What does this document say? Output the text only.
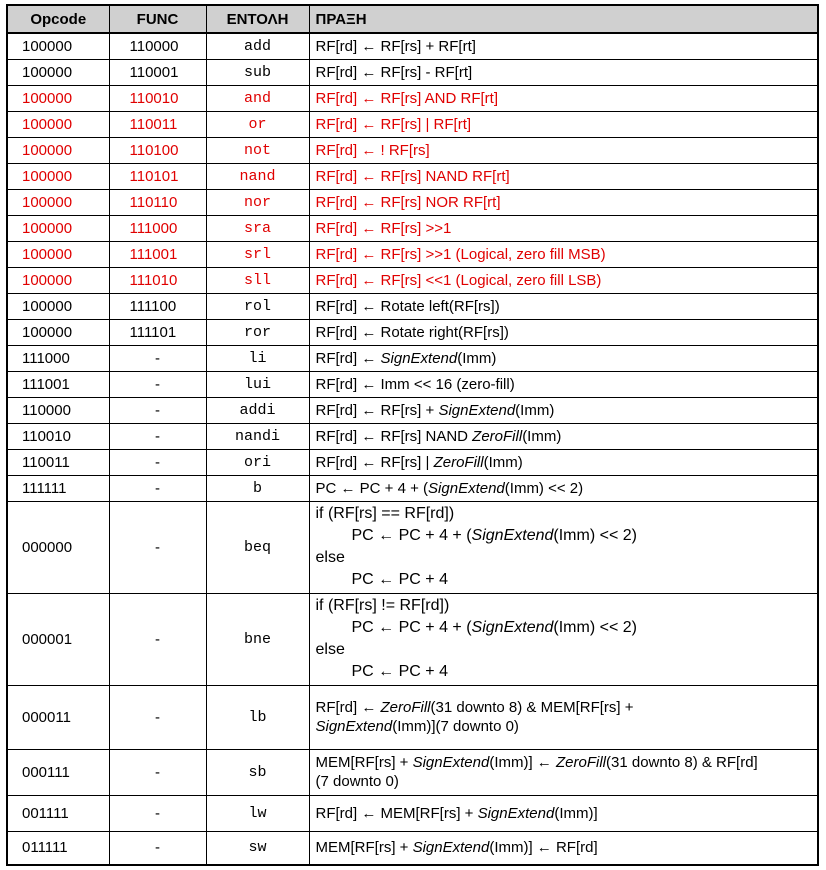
Opcode	FUNC	ΕΝΤΟΛΗ	ΠΡΑΞΗ
100000	110000	add	RF[rd] ← RF[rs] + RF[rt]
100000	110001	sub	RF[rd] ← RF[rs] - RF[rt]
100000	110010	and	RF[rd] ← RF[rs] AND RF[rt]
100000	110011	or	RF[rd] ← RF[rs] | RF[rt]
100000	110100	not	RF[rd] ← ! RF[rs]
100000	110101	nand	RF[rd] ← RF[rs] NAND RF[rt]
100000	110110	nor	RF[rd] ← RF[rs] NOR RF[rt]
100000	111000	sra	RF[rd] ← RF[rs] >>1
100000	111001	srl	RF[rd] ← RF[rs] >>1 (Logical, zero fill MSB)
100000	111010	sll	RF[rd] ← RF[rs] <<1 (Logical, zero fill LSB)
100000	111100	rol	RF[rd] ← Rotate left(RF[rs])
100000	111101	ror	RF[rd] ← Rotate right(RF[rs])
111000	-	li	RF[rd] ← SignExtend(Imm)
111001	-	lui	RF[rd] ← Imm << 16 (zero-fill)
110000	-	addi	RF[rd] ← RF[rs] + SignExtend(Imm)
110010	-	nandi	RF[rd] ← RF[rs] NAND ZeroFill(Imm)
110011	-	ori	RF[rd] ← RF[rs] | ZeroFill(Imm)
111111	-	b	PC ← PC + 4 + (SignExtend(Imm) << 2)
000000	-	beq	if (RF[rs] == RF[rd])
PC ← PC + 4 + (SignExtend(Imm) << 2)
else
PC ← PC + 4

000001	-	bne	if (RF[rs] != RF[rd])
PC ← PC + 4 + (SignExtend(Imm) << 2)
else
PC ← PC + 4

000011	-	lb	RF[rd] ← ZeroFill(31 downto 8) & MEM[RF[rs] +
SignExtend(Imm)](7 downto 0)

000111	-	sb	MEM[RF[rs] + SignExtend(Imm)] ← ZeroFill(31 downto 8) & RF[rd]
(7 downto 0)

001111	-	lw	RF[rd] ← MEM[RF[rs] + SignExtend(Imm)]
011111	-	sw	MEM[RF[rs] + SignExtend(Imm)] ← RF[rd]
